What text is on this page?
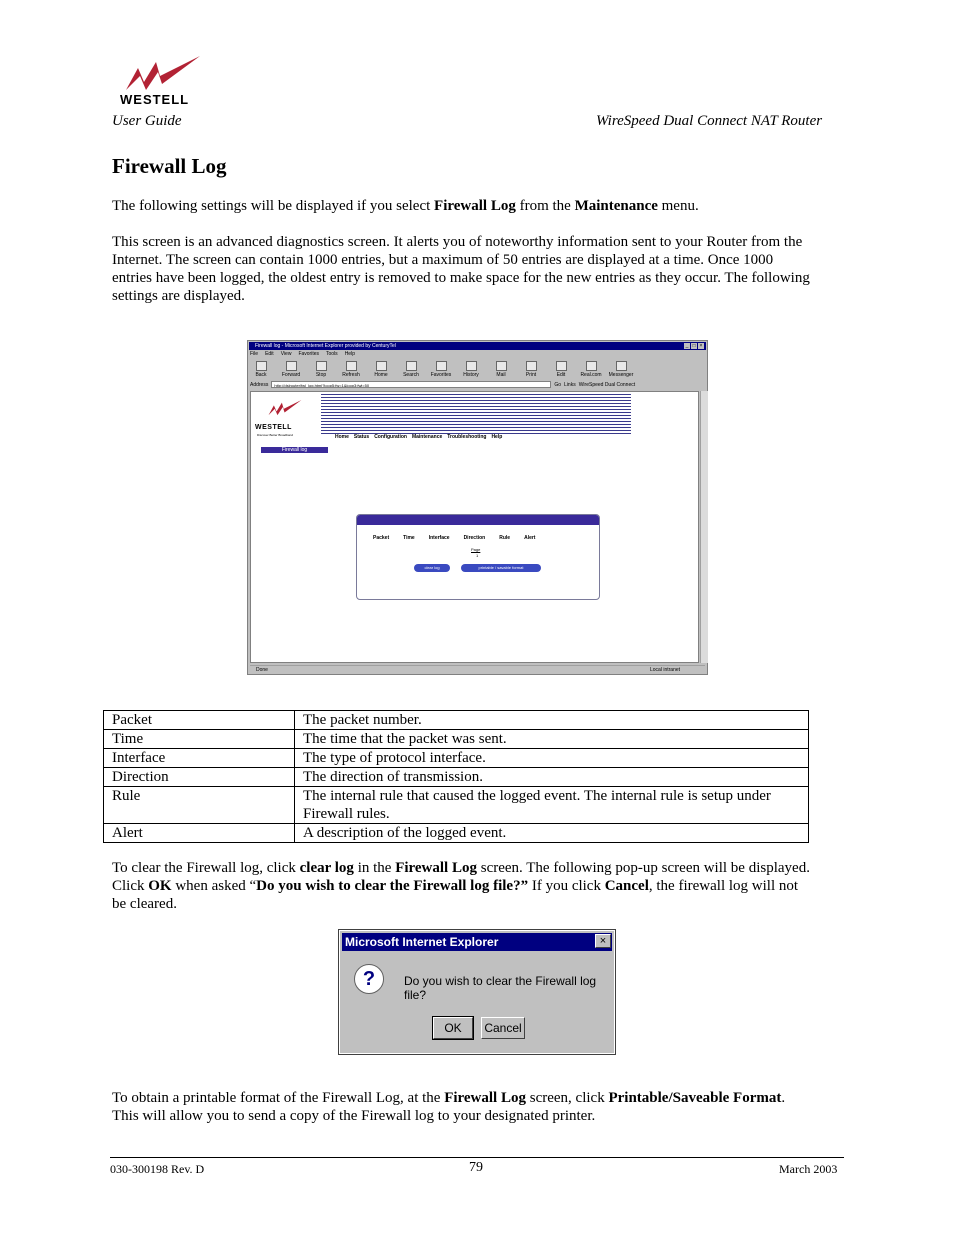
WESTELL
User Guide	WireSpeed Dual Connect NAT Router
Firewall Log
The following settings will be displayed if you select Firewall Log from the Maintenance menu.
This screen is an advanced diagnostics screen. It alerts you of noteworthy information sent to your Router from the
Internet. The screen can contain 1000 entries, but a maximum of 50 entries are displayed at a time. Once 1000
entries have been logged, the oldest entry is removed to make space for the new entries as they occur. The following
settings are displayed.
Firewall log - Microsoft Internet Explorer provided by CenturyTel	_ □ ×
File Edit View Favorites Tools Help
Back	Forward	Stop	Refresh	Home	Search Favorites History	Mail	Print	Edit	Real.com Messenger
Address	http://dslrouter/fwl_log.html?loop5:fw=1&loop3:fwl=50	Go Links WireSpeed Dual Connect
WESTELL
Discover Better Broadband	Home Status Configuration Maintenance Troubleshooting Help
Firewall log
Packet	Time	Interface	Direction	Rule	Alert
Page
1
clear log	printable / savable format
Done	Local intranet
Packet	The packet number.
Time	The time that the packet was sent.
Interface	The type of protocol interface.
Direction	The direction of transmission.
Rule	The internal rule that caused the logged event. The internal rule is setup under Firewall rules.
Alert	A description of the logged event.
To clear the Firewall log, click clear log in the Firewall Log screen. The following pop-up screen will be displayed.
Click OK when asked “Do you wish to clear the Firewall log file?” If you click Cancel, the firewall log will not
be cleared.
Microsoft Internet Explorer	×
?	Do you wish to clear the Firewall log file?
OK	Cancel
To obtain a printable format of the Firewall Log, at the Firewall Log screen, click Printable/Saveable Format.
This will allow you to send a copy of the Firewall log to your designated printer.
030-300198 Rev. D	79	March 2003
